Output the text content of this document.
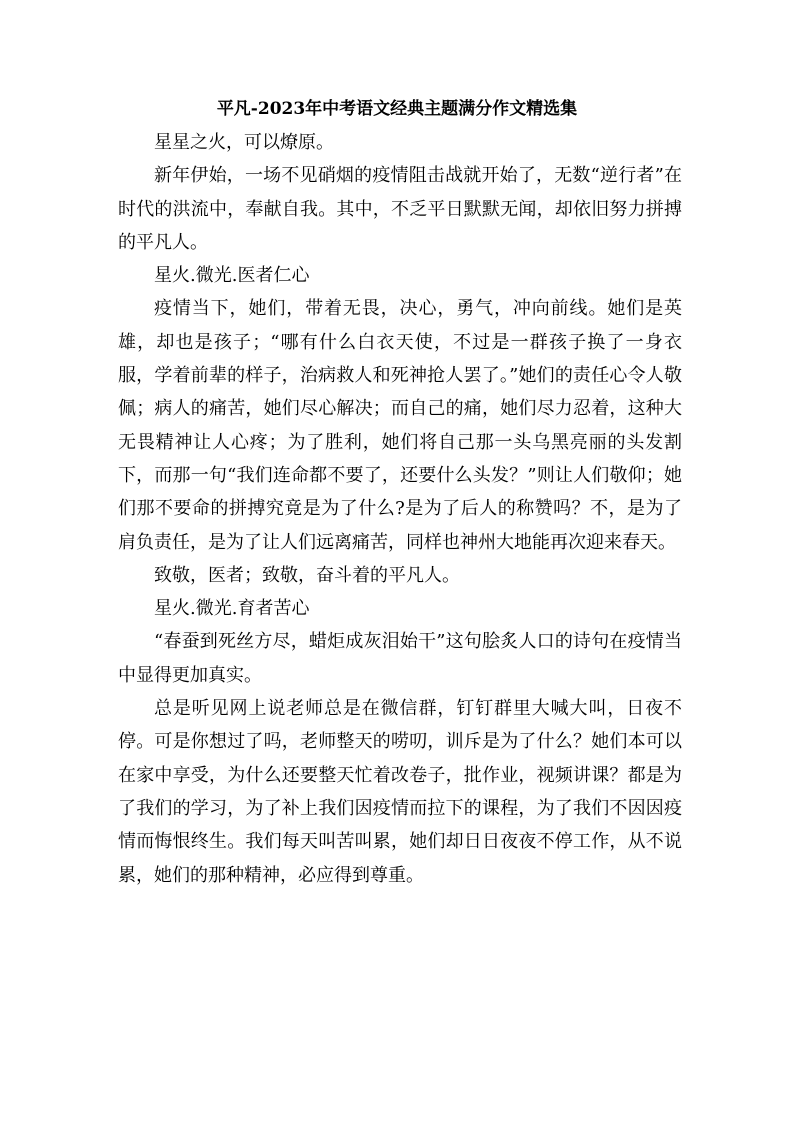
平凡-2023年中考语文经典主题满分作文精选集

星星之火，可以燎原。

新年伊始，一场不见硝烟的疫情阻击战就开始了，无数“逆行者”在时代的洪流中，奉献自我。其中，不乏平日默默无闻，却依旧努力拼搏的平凡人。

星火.微光.医者仁心

疫情当下，她们，带着无畏，决心，勇气，冲向前线。她们是英雄，却也是孩子；“哪有什么白衣天使，不过是一群孩子换了一身衣服，学着前辈的样子，治病救人和死神抢人罢了。”她们的责任心令人敬佩；病人的痛苦，她们尽心解决；而自己的痛，她们尽力忍着，这种大无畏精神让人心疼；为了胜利，她们将自己那一头乌黑亮丽的头发割下，而那一句“我们连命都不要了，还要什么头发？”则让人们敬仰；她们那不要命的拼搏究竟是为了什么?是为了后人的称赞吗？不，是为了肩负责任，是为了让人们远离痛苦，同样也神州大地能再次迎来春天。

致敬，医者；致敬，奋斗着的平凡人。

星火.微光.育者苦心

“春蚕到死丝方尽，蜡炬成灰泪始干”这句脍炙人口的诗句在疫情当中显得更加真实。

总是听见网上说老师总是在微信群，钉钉群里大喊大叫，日夜不停。可是你想过了吗，老师整天的唠叨，训斥是为了什么？她们本可以在家中享受，为什么还要整天忙着改卷子，批作业，视频讲课？都是为了我们的学习，为了补上我们因疫情而拉下的课程，为了我们不因因疫情而悔恨终生。我们每天叫苦叫累，她们却日日夜夜不停工作，从不说累，她们的那种精神，必应得到尊重。
